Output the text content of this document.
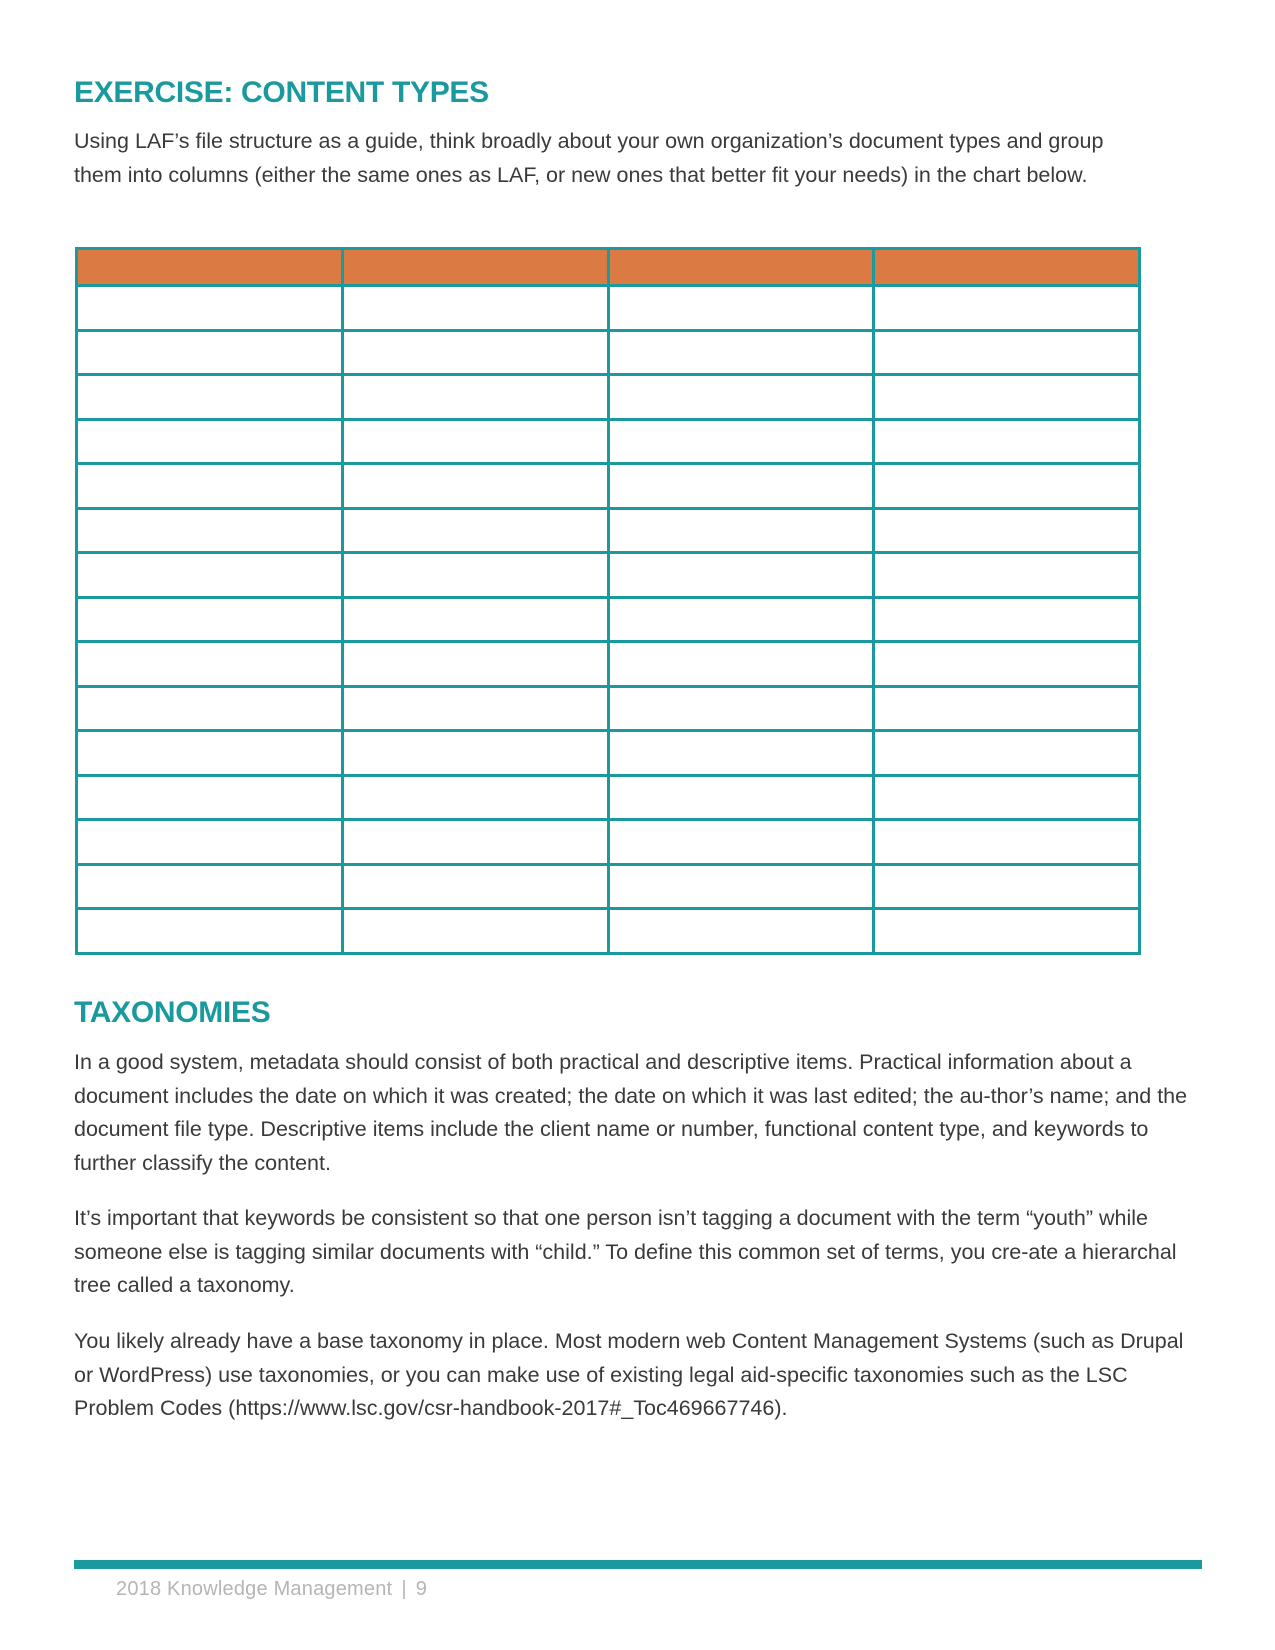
EXERCISE: CONTENT TYPES

Using LAF’s file structure as a guide, think broadly about your own organization’s document types and group them into columns (either the same ones as LAF, or new ones that better fit your needs) in the chart below.

TAXONOMIES

In a good system, metadata should consist of both practical and descriptive items. Practical information about a document includes the date on which it was created; the date on which it was last edited; the au-thor’s name; and the document file type. Descriptive items include the client name or number, functional content type, and keywords to further classify the content.

It’s important that keywords be consistent so that one person isn’t tagging a document with the term “youth” while someone else is tagging similar documents with “child.” To define this common set of terms, you cre-ate a hierarchal tree called a taxonomy.

You likely already have a base taxonomy in place. Most modern web Content Management Systems (such as Drupal or WordPress) use taxonomies, or you can make use of existing legal aid-specific taxonomies such as the LSC Problem Codes (https://www.lsc.gov/csr-handbook-2017#_Toc469667746).

2018 Knowledge Management | 9
